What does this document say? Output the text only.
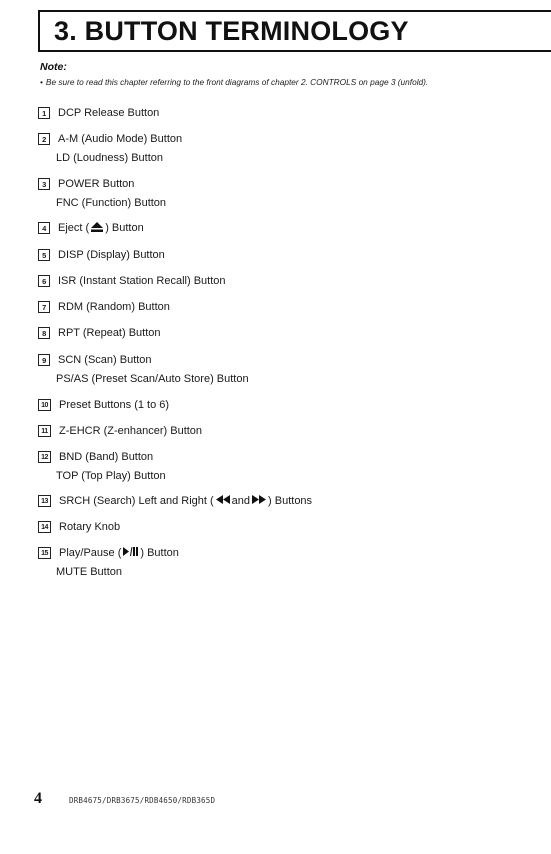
3. BUTTON TERMINOLOGY
Note:
• Be sure to read this chapter referring to the front diagrams of chapter 2. CONTROLS on page 3 (unfold).
1	DCP Release Button
2	A-M (Audio Mode) Button
LD (Loudness) Button
3	POWER Button
FNC (Function) Button
4	Eject ( ) Button
5	DISP (Display) Button
6	ISR (Instant Station Recall) Button
7	RDM (Random) Button
8	RPT (Repeat) Button
9	SCN (Scan) Button
PS/AS (Preset Scan/Auto Store) Button
10 Preset Buttons (1 to 6)
11 Z-EHCR (Z-enhancer) Button
12 BND (Band) Button
TOP (Top Play) Button
13 SRCH (Search) Left and Right ( and ) Buttons
14 Rotary Knob
15 Play/Pause ( ) Button
MUTE Button
4	DRB4675/DRB3675/RDB4650/RDB365D
